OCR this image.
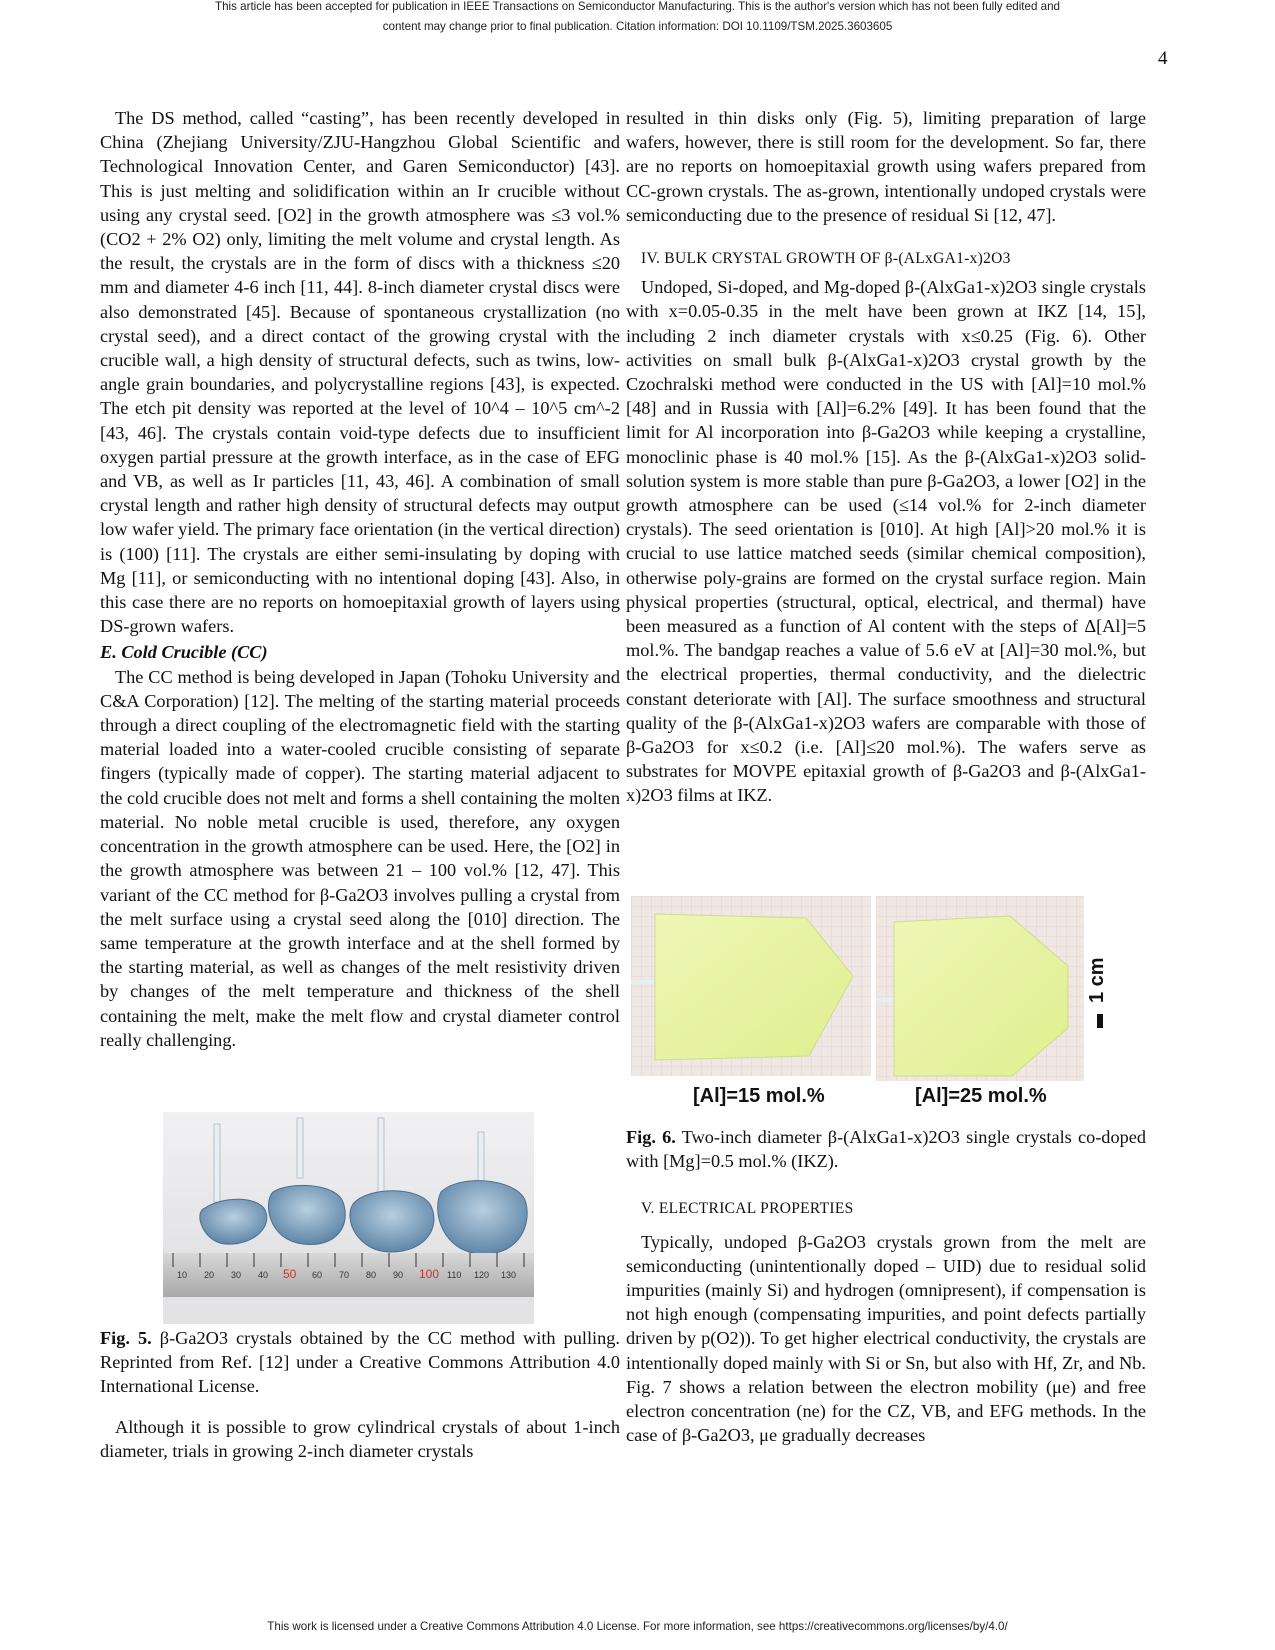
This article has been accepted for publication in IEEE Transactions on Semiconductor Manufacturing. This is the author's version which has not been fully edited and
content may change prior to final publication. Citation information: DOI 10.1109/TSM.2025.3603605
4

The DS method, called “casting”, has been recently developed in China (Zhejiang University/ZJU-Hangzhou Global Scientific and Technological Innovation Center, and Garen Semiconductor) [43]. This is just melting and solidification within an Ir crucible without using any crystal seed. [O2] in the growth atmosphere was ≤3 vol.% (CO2 + 2% O2) only, limiting the melt volume and crystal length. As the result, the crystals are in the form of discs with a thickness ≤20 mm and diameter 4-6 inch [11, 44]. 8-inch diameter crystal discs were also demonstrated [45]. Because of spontaneous crystallization (no crystal seed), and a direct contact of the growing crystal with the crucible wall, a high density of structural defects, such as twins, low-angle grain boundaries, and polycrystalline regions [43], is expected. The etch pit density was reported at the level of 10^4 – 10^5 cm^-2 [43, 46]. The crystals contain void-type defects due to insufficient oxygen partial pressure at the growth interface, as in the case of EFG and VB, as well as Ir particles [11, 43, 46]. A combination of small crystal length and rather high density of structural defects may output low wafer yield. The primary face orientation (in the vertical direction) is (100) [11]. The crystals are either semi-insulating by doping with Mg [11], or semiconducting with no intentional doping [43]. Also, in this case there are no reports on homoepitaxial growth of layers using DS-grown wafers.

E. Cold Crucible (CC)

The CC method is being developed in Japan (Tohoku University and C&A Corporation) [12]. The melting of the starting material proceeds through a direct coupling of the electromagnetic field with the starting material loaded into a water-cooled crucible consisting of separate fingers (typically made of copper). The starting material adjacent to the cold crucible does not melt and forms a shell containing the molten material. No noble metal crucible is used, therefore, any oxygen concentration in the growth atmosphere can be used. Here, the [O2] in the growth atmosphere was between 21 – 100 vol.% [12, 47]. This variant of the CC method for β-Ga2O3 involves pulling a crystal from the melt surface using a crystal seed along the [010] direction. The same temperature at the growth interface and at the shell formed by the starting material, as well as changes of the melt resistivity driven by changes of the melt temperature and thickness of the shell containing the melt, make the melt flow and crystal diameter control really challenging.

10 20 30 40 50 60 70 80 90 100 110 120 130

Fig. 5. β-Ga2O3 crystals obtained by the CC method with pulling. Reprinted from Ref. [12] under a Creative Commons Attribution 4.0 International License.

Although it is possible to grow cylindrical crystals of about 1-inch diameter, trials in growing 2-inch diameter crystals

resulted in thin disks only (Fig. 5), limiting preparation of large wafers, however, there is still room for the development. So far, there are no reports on homoepitaxial growth using wafers prepared from CC-grown crystals. The as-grown, intentionally undoped crystals were semiconducting due to the presence of residual Si [12, 47].

IV. BULK CRYSTAL GROWTH OF β-(ALxGA1-x)2O3

Undoped, Si-doped, and Mg-doped β-(AlxGa1-x)2O3 single crystals with x=0.05-0.35 in the melt have been grown at IKZ [14, 15], including 2 inch diameter crystals with x≤0.25 (Fig. 6). Other activities on small bulk β-(AlxGa1-x)2O3 crystal growth by the Czochralski method were conducted in the US with [Al]=10 mol.% [48] and in Russia with [Al]=6.2% [49]. It has been found that the limit for Al incorporation into β-Ga2O3 while keeping a crystalline, monoclinic phase is 40 mol.% [15]. As the β-(AlxGa1-x)2O3 solid-solution system is more stable than pure β-Ga2O3, a lower [O2] in the growth atmosphere can be used (≤14 vol.% for 2-inch diameter crystals). The seed orientation is [010]. At high [Al]>20 mol.% it is crucial to use lattice matched seeds (similar chemical composition), otherwise poly-grains are formed on the crystal surface region. Main physical properties (structural, optical, electrical, and thermal) have been measured as a function of Al content with the steps of Δ[Al]=5 mol.%. The bandgap reaches a value of 5.6 eV at [Al]=30 mol.%, but the electrical properties, thermal conductivity, and the dielectric constant deteriorate with [Al]. The surface smoothness and structural quality of the β-(AlxGa1-x)2O3 wafers are comparable with those of β-Ga2O3 for x≤0.2 (i.e. [Al]≤20 mol.%). The wafers serve as substrates for MOVPE epitaxial growth of β-Ga2O3 and β-(AlxGa1-x)2O3 films at IKZ.

1 cm
[Al]=15 mol.%	[Al]=25 mol.%

Fig. 6. Two-inch diameter β-(AlxGa1-x)2O3 single crystals co-doped with [Mg]=0.5 mol.% (IKZ).

V. ELECTRICAL PROPERTIES

Typically, undoped β-Ga2O3 crystals grown from the melt are semiconducting (unintentionally doped – UID) due to residual solid impurities (mainly Si) and hydrogen (omnipresent), if compensation is not high enough (compensating impurities, and point defects partially driven by p(O2)). To get higher electrical conductivity, the crystals are intentionally doped mainly with Si or Sn, but also with Hf, Zr, and Nb. Fig. 7 shows a relation between the electron mobility (μe) and free electron concentration (ne) for the CZ, VB, and EFG methods. In the case of β-Ga2O3, μe gradually decreases

This work is licensed under a Creative Commons Attribution 4.0 License. For more information, see https://creativecommons.org/licenses/by/4.0/
